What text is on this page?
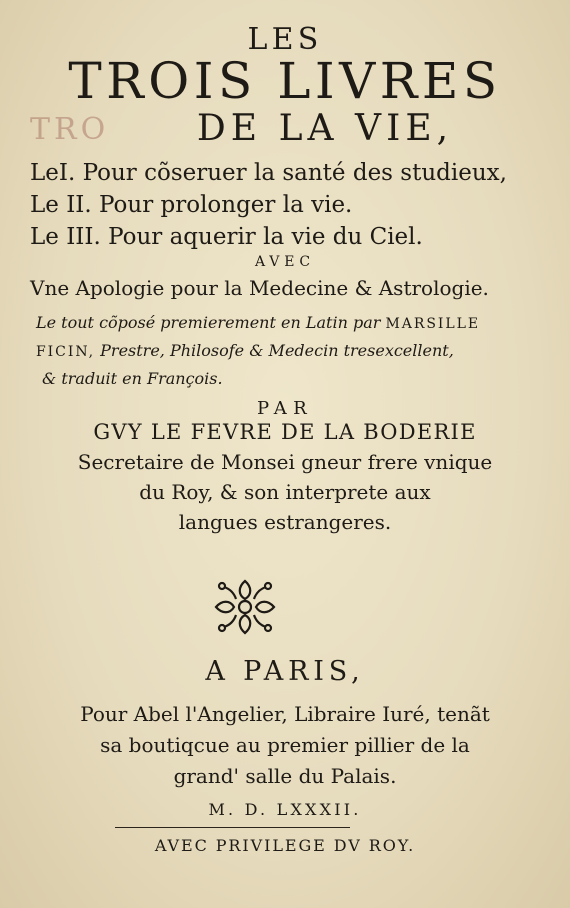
TRO
LES
TROIS LIVRES
DE LA VIE,
LeI. Pour cõseruer la santé des studieux,
Le II. Pour prolonger la vie.
Le III. Pour aquerir la vie du Ciel.
AVEC
Vne Apologie pour la Medecine & Astrologie.
Le tout cõposé premierement en Latin par MARSILLE
FICIN, Prestre, Philosofe & Medecin tresexcellent,
& traduit en François.
PAR
GVY LE FEVRE DE LA BODERIE
Secretaire de Monsei gneur frere vnique
du Roy, & son interprete aux
langues estrangeres.
A PARIS,
Pour Abel l'Angelier, Libraire Iuré, tenãt
sa boutiqcue au premier pillier de la
grand' salle du Palais.
M. D. LXXXII.
AVEC PRIVILEGE DV ROY.
